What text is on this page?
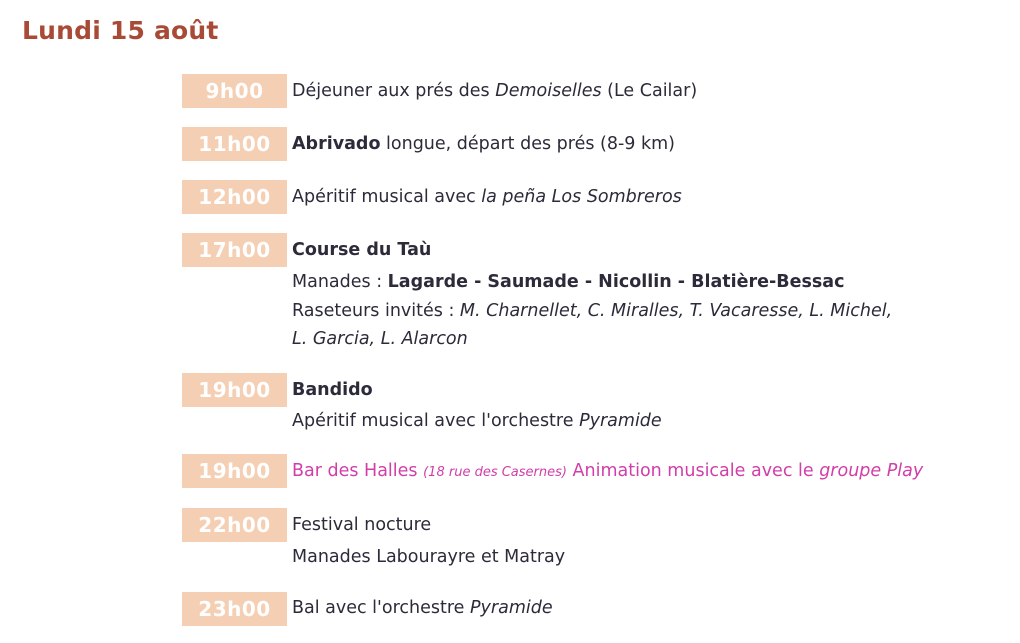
Lundi 15 août
9h00	Déjeuner aux prés des Demoiselles (Le Cailar)
11h00	Abrivado longue, départ des prés (8-9 km)
12h00	Apéritif musical avec la peña Los Sombreros
17h00	Course du Taù
Manades : Lagarde - Saumade - Nicollin - Blatière-Bessac
Raseteurs invités : M. Charnellet, C. Miralles, T. Vacaresse, L. Michel,
L. Garcia, L. Alarcon
19h00	Bandido
Apéritif musical avec l'orchestre Pyramide
19h00	Bar des Halles (18 rue des Casernes) Animation musicale avec le groupe Play
22h00	Festival nocture
Manades Labourayre et Matray
23h00	Bal avec l'orchestre Pyramide
